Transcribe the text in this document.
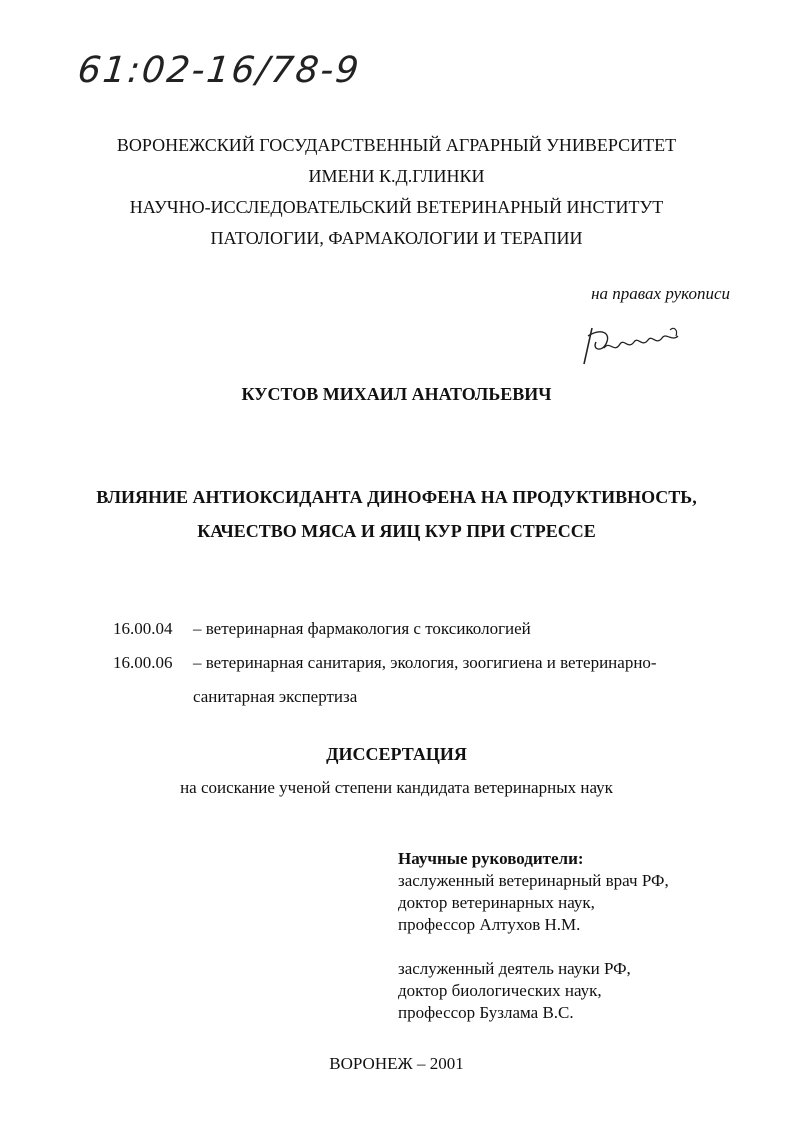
61:02-16/78-9
ВОРОНЕЖСКИЙ ГОСУДАРСТВЕННЫЙ АГРАРНЫЙ УНИВЕРСИТЕТ
ИМЕНИ К.Д.ГЛИНКИ
НАУЧНО-ИССЛЕДОВАТЕЛЬСКИЙ ВЕТЕРИНАРНЫЙ ИНСТИТУТ
ПАТОЛОГИИ, ФАРМАКОЛОГИИ И ТЕРАПИИ
на правах рукописи
КУСТОВ МИХАИЛ АНАТОЛЬЕВИЧ
ВЛИЯНИЕ АНТИОКСИДАНТА ДИНОФЕНА НА ПРОДУКТИВНОСТЬ,
КАЧЕСТВО МЯСА И ЯИЦ КУР ПРИ СТРЕССЕ
16.00.04	– ветеринарная фармакология с токсикологией
16.00.06	– ветеринарная санитария, экология, зоогигиена и ветеринарно-
санитарная экспертиза
ДИССЕРТАЦИЯ
на соискание ученой степени кандидата ветеринарных наук
Научные руководители:
заслуженный ветеринарный врач РФ,
доктор ветеринарных наук,
профессор Алтухов Н.М.
заслуженный деятель науки РФ,
доктор биологических наук,
профессор Бузлама В.С.
ВОРОНЕЖ – 2001
